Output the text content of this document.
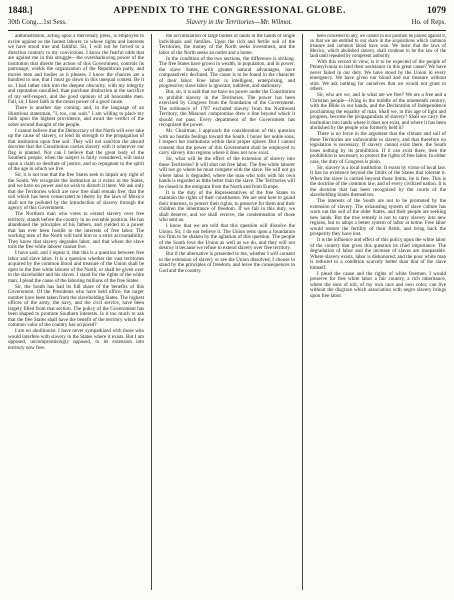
1848.]	APPENDIX TO THE CONGRESSIONAL GLOBE.	1079
30th Cong....1st Sess.	Slavery in the Territories—Mr. Wilmot.	Ho. of Reps.

administration, acting upon a mercenary press, is employed to excite against us the honest laborer, to whose rights and interests we have stood true and faithful. Sir, I will not be forced to a direction contrary to my convictions. I know the fearful odds that are against me in this struggle—the overshadowing power of the institution that directs the action of this Government, controls its patronage, wields the organization of the Republican party, and moves men and bodies as it pleases. I know the chances are a hundred to one, that I must go down in this unequal contest. Be it so. I had rather sink into the deepest obscurity, with my integrity and reputation unsullied, than purchase distinction at the sacrifice of my self-respect, and the good opinion of all honorable men. Fail, sir, I have faith in the moral power of a good cause.

There is another day coming; and, in the language of an illustrious statesman, "I, too, can wait." I am willing to place my faith upon the highest providence, and await the verdict of the sober second thought of the people.

I cannot believe that the Democracy of the North will ever take up the cause of slavery, or lend its strength to the propagation of that institution upon free soil. They will not sanction the absurd doctrine that the Constitution carries slavery with it wherever our flag is planted. Nor can I believe that the great body of the Southern people, when the subject is fairly considered, will insist upon a claim so destitute of justice, and so repugnant to the spirit of the age in which we live.

Sir, it is not true that the free States seek to impair any right of the South. We recognize the institution as it exists in the States, and we have no power and no wish to disturb it there. We ask only that the Territories which are now free shall remain free; that the soil which has been consecrated to liberty by the laws of Mexico shall not be polluted by the introduction of slavery through the agency of this Government.

The Northern man who votes to extend slavery over free territory, stands before the country in no enviable position. He has abandoned the principles of his fathers, and yielded to a power that has ever been hostile to the interests of free labor. The working men of the North will hold him to a strict accountability. They know that slavery degrades labor, and that where the slave toils the free white laborer cannot live.

I have said, and I repeat it, that this is a question between free labor and slave labor. It is a question whether the vast territories acquired by the common blood and treasure of the Union shall be open to the free white laborer of the North, or shall be given over to the slaveholder and his slaves. I stand for the rights of the white man; I plead the cause of the laboring millions of the free States.

Sir, the South has had its full share of the benefits of this Government. Of the Presidents who have held office, the larger number have been taken from the slaveholding States. The highest offices of the army, the navy, and the civil service, have been largely filled from that section. The policy of the Government has been shaped to promote Southern interests. Is it too much to ask that the free States shall have the benefit of the territory which the common valor of the country has acquired?

I am no abolitionist. I have never sympathized with those who would interfere with slavery in the States where it exists. But I am opposed, uncompromisingly opposed, to its extension into territory now free.

the accumulation of large bodies of lands in the hands of single individuals and families. Upon the rich and fertile soil of the Territories, the money of the North seeks investment, and the labor of the North seeks an outlet and a home.

In the condition of the two sections, the difference is striking. The free States have grown in wealth, in population, and in power; the slave States, with greater natural advantages, have comparatively declined. The cause is to be found in the character of their labor. Free labor is intelligent, enterprising, and progressive; slave labor is ignorant, indolent, and stationary.

But, sir, it is said that we have no power under the Constitution to prohibit slavery in the Territories. The power has been exercised by Congress from the foundation of the Government. The ordinance of 1787 excluded slavery from the Northwest Territory; the Missouri compromise drew a line beyond which it should not pass. Every department of the Government has recognized the power.

Mr. Chairman, I approach the consideration of this question with no hostile feelings toward the South. I honor her noble sons; I respect her institutions within their proper sphere. But I cannot consent that the power of this Government shall be employed to carry slavery into regions where it does not now exist.

Sir, what will be the effect of the extension of slavery into these Territories? It will shut out free labor. The free white laborer will not go where he must compete with the slave. He will not go where labor is degraded, where the man who toils with his own hands is regarded as little better than the slave. The Territories will be closed to the emigrant from the North and from Europe.

It is the duty of the Representatives of the free States to maintain the rights of their constituents. We are sent here to guard their interests, to protect their rights, to preserve for them and their children the inheritance of freedom. If we fail in this duty, we shall deserve, and we shall receive, the condemnation of those who sent us.

I know that we are told that this question will dissolve the Union. Sir, I do not believe it. The Union rests upon a foundation too firm to be shaken by the agitation of this question. The people of the South love the Union as well as we do, and they will not destroy it because we refuse to extend slavery over free territory.

But if the alternative is presented to me, whether I will consent to the extension of slavery or see the Union dissolved, I choose to stand by the principles of freedom, and leave the consequences to God and the country.

been conceded to any, we cannot in our position be placed against it, so that we are entitled to our share in the acquisitions which common treasure and common blood have won. We insist that the laws of Mexico, which abolished slavery, shall continue to be the law of the land until repealed by competent authority.

With this record in view, is it to be expected of the people of Pennsylvania to lend their assistance in this great cause? We have never failed in our duty. We have stood by the Union in every emergency. We have given our blood and our treasure without stint. We ask nothing for ourselves that we would not grant to others.

Sir, who are we, and in what are we free? We are a free and a Christian people—living in the middle of the nineteenth century, with the Bible in our hands, and the Declaration of Independence proclaiming the equality of man. Shall we, in this age of light and progress, become the propagandists of slavery? Shall we carry the institution into lands where it does not exist, and where it has been abolished by the people who formerly held it?

There is no force in the argument that the climate and soil of these Territories are unfavorable to slavery, and that therefore no legislation is necessary. If slavery cannot exist there, the South loses nothing by its prohibition. If it can exist there, then the prohibition is necessary to protect the rights of free labor. In either case, the duty of Congress is plain.

Sir, slavery is a local institution. It exists by virtue of local law. It has no existence beyond the limits of the States that tolerate it. When the slave is carried beyond those limits, he is free. This is the doctrine of the common law, and of every civilized nation. It is the doctrine that has been recognized by the courts of the slaveholding States themselves.

The interests of the South are not to be promoted by the extension of slavery. The exhausting system of slave culture has worn out the soil of the older States, and their people are seeking new lands. But the true remedy is not to carry slavery into new regions, but to adopt a better system of labor at home. Free labor would restore the fertility of their fields, and bring back the prosperity they have lost.

It is the influence and effect of this policy upon the white labor of the country that gives this question its chief importance. The degradation of labor and the increase of slaves are inseparable. Where slavery exists, labor is dishonored; and the poor white man is reduced to a condition scarcely better than that of the slave himself.

I plead the cause and the rights of white freemen. I would preserve for free white labor a fair country, a rich inheritance, where the sons of toil, of my own race and own color, can live without the disgrace which association with negro slavery brings upon free labor.
